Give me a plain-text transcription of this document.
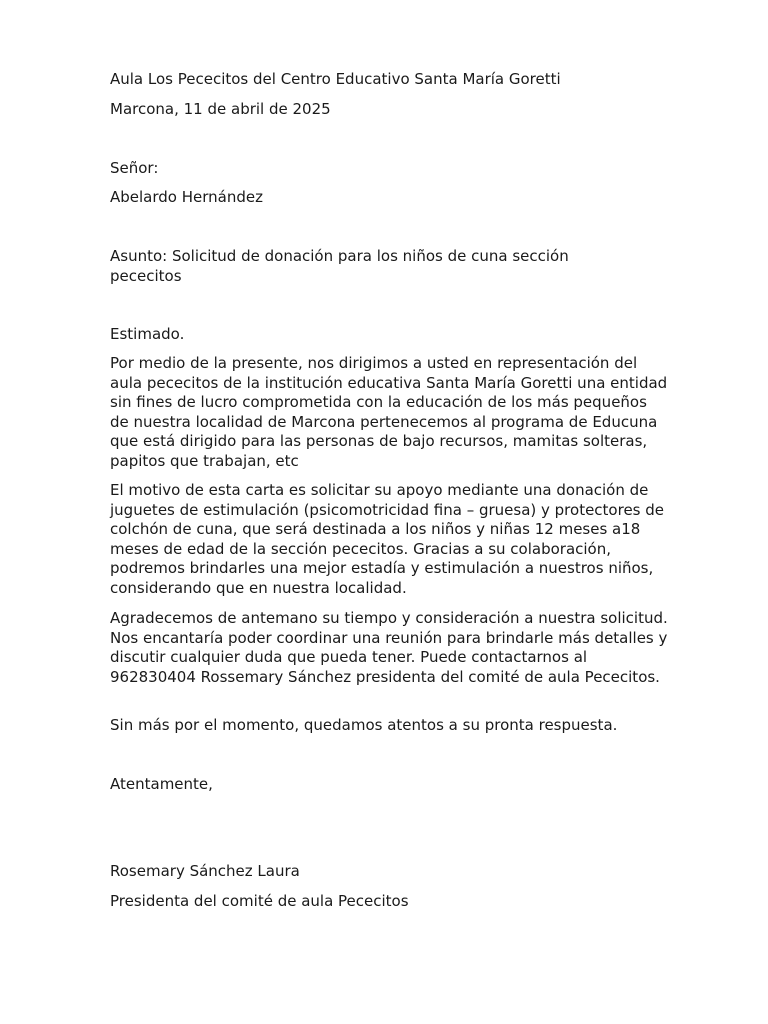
Aula Los Pececitos del Centro Educativo Santa María Goretti

Marcona, 11 de abril de 2025

Señor:

Abelardo Hernández

Asunto: Solicitud de donación para los niños de cuna sección pececitos

Estimado.

Por medio de la presente, nos dirigimos a usted en representación del aula pececitos de la institución educativa Santa María Goretti una entidad sin fines de lucro comprometida con la educación de los más pequeños de nuestra localidad de Marcona pertenecemos al programa de Educuna que está dirigido para las personas de bajo recursos, mamitas solteras, papitos que trabajan, etc

El motivo de esta carta es solicitar su apoyo mediante una donación de juguetes de estimulación (psicomotricidad fina – gruesa) y protectores de colchón de cuna, que será destinada a los niños y niñas 12 meses a18 meses de edad de la sección pececitos. Gracias a su colaboración, podremos brindarles una mejor estadía y estimulación a nuestros niños, considerando que en nuestra localidad.

Agradecemos de antemano su tiempo y consideración a nuestra solicitud. Nos encantaría poder coordinar una reunión para brindarle más detalles y discutir cualquier duda que pueda tener. Puede contactarnos al 962830404 Rossemary Sánchez presidenta del comité de aula Pececitos.

Sin más por el momento, quedamos atentos a su pronta respuesta.

Atentamente,

Rosemary Sánchez Laura

Presidenta del comité de aula Pececitos
